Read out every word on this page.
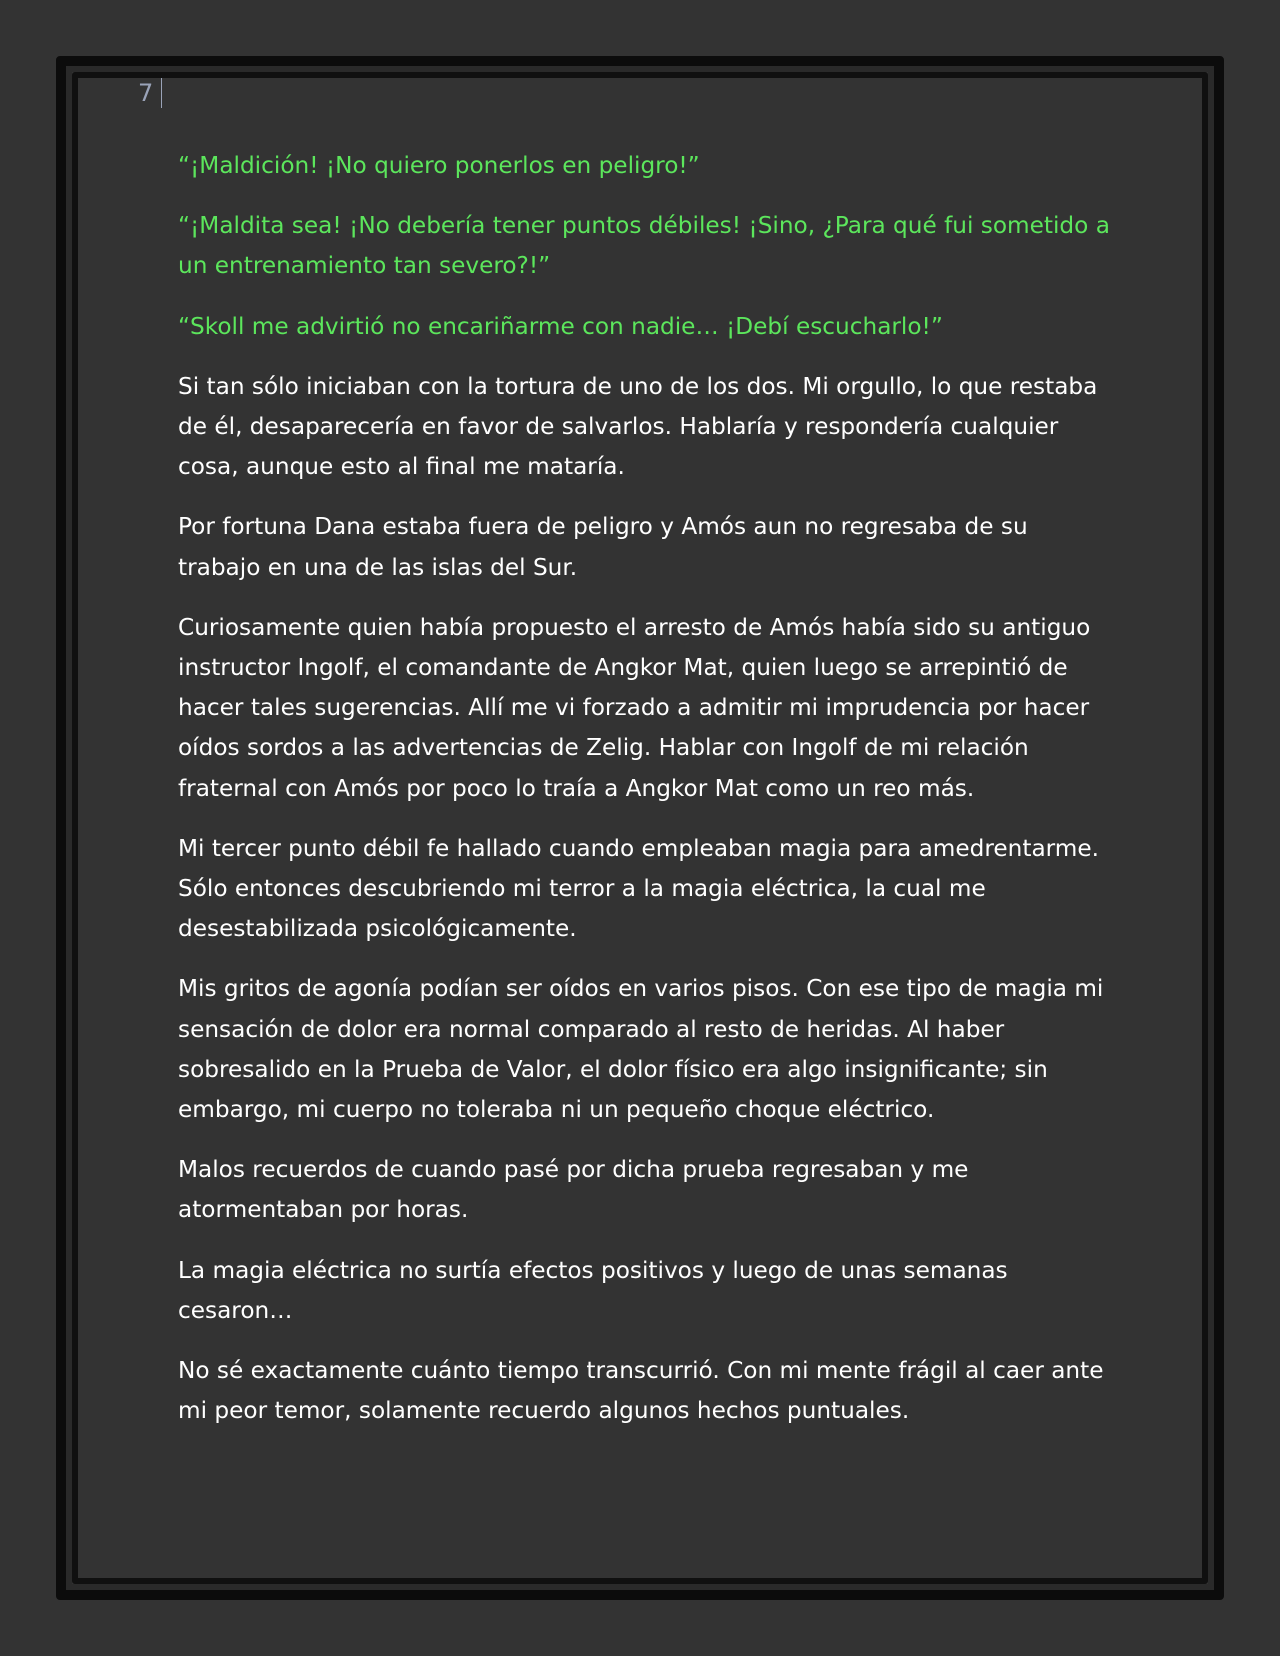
7

“¡Maldición! ¡No quiero ponerlos en peligro!”

“¡Maldita sea! ¡No debería tener puntos débiles! ¡Sino, ¿Para qué fui sometido a un entrenamiento tan severo?!”

“Skoll me advirtió no encariñarme con nadie… ¡Debí escucharlo!”

Si tan sólo iniciaban con la tortura de uno de los dos. Mi orgullo, lo que restaba de él, desaparecería en favor de salvarlos. Hablaría y respondería cualquier cosa, aunque esto al final me mataría.

Por fortuna Dana estaba fuera de peligro y Amós aun no regresaba de su trabajo en una de las islas del Sur.

Curiosamente quien había propuesto el arresto de Amós había sido su antiguo instructor Ingolf, el comandante de Angkor Mat, quien luego se arrepintió de hacer tales sugerencias. Allí me vi forzado a admitir mi imprudencia por hacer oídos sordos a las advertencias de Zelig. Hablar con Ingolf de mi relación fraternal con Amós por poco lo traía a Angkor Mat como un reo más.

Mi tercer punto débil fe hallado cuando empleaban magia para amedrentarme. Sólo entonces descubriendo mi terror a la magia eléctrica, la cual me desestabilizada psicológicamente.

Mis gritos de agonía podían ser oídos en varios pisos. Con ese tipo de magia mi sensación de dolor era normal comparado al resto de heridas. Al haber sobresalido en la Prueba de Valor, el dolor físico era algo insignificante; sin embargo, mi cuerpo no toleraba ni un pequeño choque eléctrico.

Malos recuerdos de cuando pasé por dicha prueba regresaban y me atormentaban por horas.

La magia eléctrica no surtía efectos positivos y luego de unas semanas cesaron…

No sé exactamente cuánto tiempo transcurrió. Con mi mente frágil al caer ante mi peor temor, solamente recuerdo algunos hechos puntuales.
